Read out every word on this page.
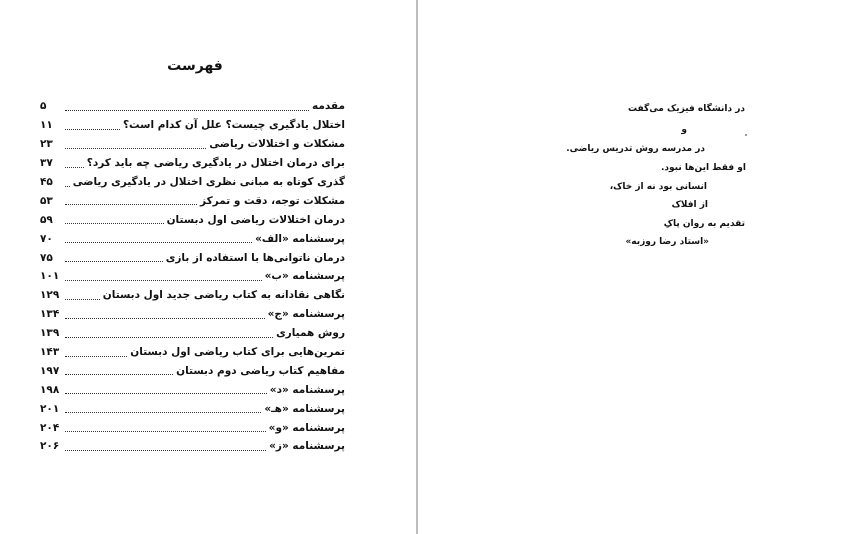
فهرست
مقدمه
۵
اختلال یادگیری چیست؟ علل آن کدام است؟
۱۱
مشکلات و اختلالات ریاضی
۲۳
برای درمان اختلال در یادگیری ریاضی چه باید کرد؟
۳۷
گذری کوتاه به مبانی نظری اختلال در یادگیری ریاضی
۴۵
مشکلات توجه، دقت و تمرکز
۵۳
درمان اختلالات ریاضی اول دبستان
۵۹
پرسشنامه «الف»
۷۰
درمان ناتوانی‌ها با استفاده از بازی
۷۵
پرسشنامه «ب»
۱۰۱
نگاهی نقادانه به کتاب ریاضی جدید اول دبستان
۱۲۹
پرسشنامه «ج»
۱۳۴
روش همیاری
۱۳۹
تمرین‌هایی برای کتاب ریاضی اول دبستان
۱۴۳
مفاهیم کتاب ریاضی دوم دبستان
۱۹۷
پرسشنامه «د»
۱۹۸
پرسشنامه «هـ»
۲۰۱
پرسشنامه «و»
۲۰۴
پرسشنامه «ز»
۲۰۶
در دانشگاه فیزیک می‌گفت
و
در مدرسه روش تدریس ریاضی.
او فقط این‌ها نبود.
انسانی بود نه از خاک،
از افلاک
تقدیم به روان پاکِ
«استاد رضا روزبه»
